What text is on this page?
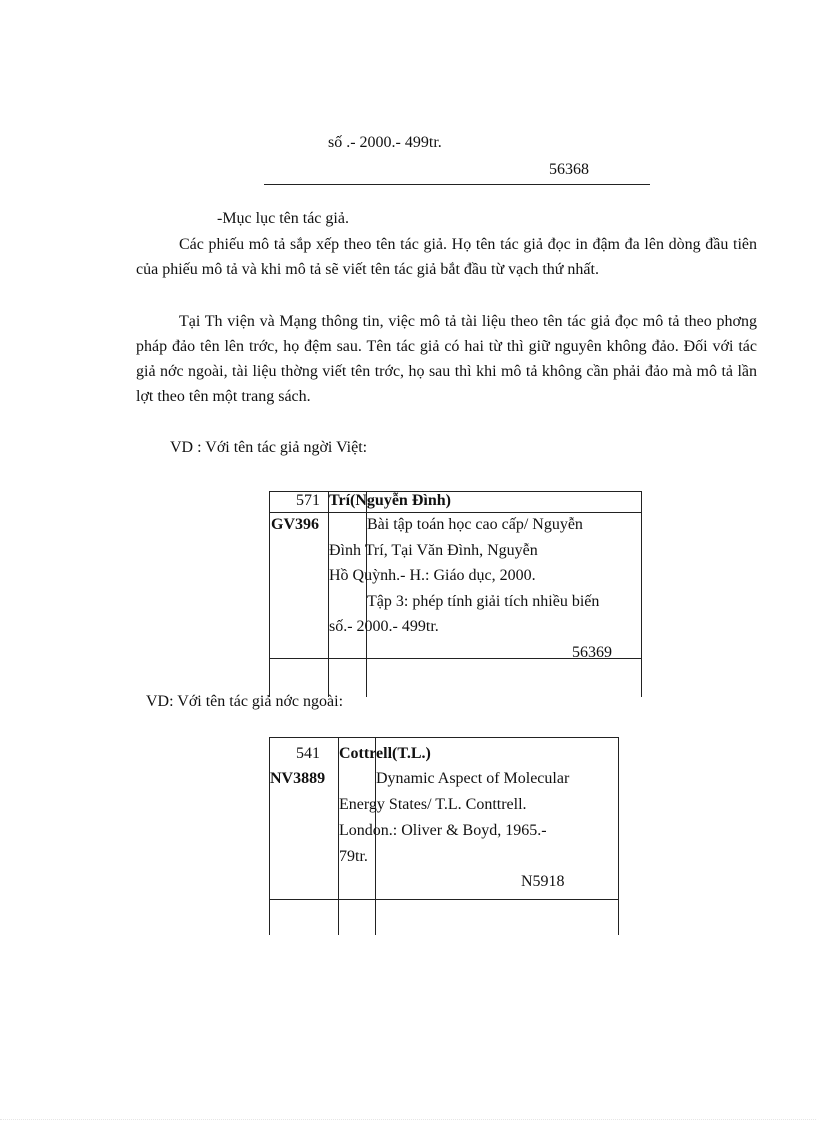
số .- 2000.- 499tr.
56368
-Mục lục tên tác giả.
Các phiếu mô tả sắp xếp theo tên tác giả. Họ tên tác giả đọc in đậm đa lên dòng đầu tiên của phiếu mô tả và khi mô tả sẽ viết tên tác giả bắt đầu từ vạch thứ nhất.
Tại Th viện và Mạng thông tin, việc mô tả tài liệu theo tên tác giả đọc mô tả theo phơng pháp đảo tên lên trớc, họ đệm sau. Tên tác giả có hai từ thì giữ nguyên không đảo. Đối với tác giả nớc ngoài, tài liệu thờng viết tên trớc, họ sau thì khi mô tả không cần phải đảo mà mô tả lần lợt theo tên một trang sách.
VD : Với tên tác giả ngời Việt:
571 Trí(Nguyễn Đình)
GV396	Bài tập toán học cao cấp/ Nguyễn
Đình Trí, Tại Văn Đình, Nguyễn
Hồ Quỳnh.- H.: Giáo dục, 2000.
Tập 3: phép tính giải tích nhiều biến
số.- 2000.- 499tr.
56369
VD: Với tên tác giả nớc ngoài:
541 Cottrell(T.L.)
NV3889	Dynamic Aspect of Molecular
Energy States/ T.L. Conttrell.
London.: Oliver & Boyd, 1965.-
79tr.
N5918
